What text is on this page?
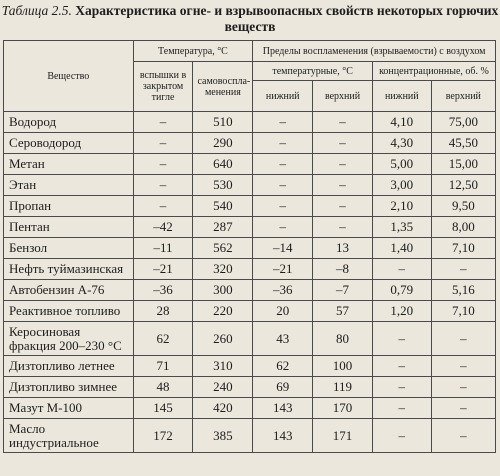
Таблица 2.5. Характеристика огне- и взрывоопасных свойств некоторых горючих веществ
Вещество	Температура, °С		Пределы воспламенения (взрываемости) с воздухом			
	вспышки в закрытом тигле	самовоспла-менения	температурные, °С		концентрационные, об. %	
			нижний	верхний	нижний	верхний
Водород	–	510	–	–	4,10	75,00
Сероводород	–	290	–	–	4,30	45,50
Метан	–	640	–	–	5,00	15,00
Этан	–	530	–	–	3,00	12,50
Пропан	–	540	–	–	2,10	9,50
Пентан	–42	287	–	–	1,35	8,00
Бензол	–11	562	–14	13	1,40	7,10
Нефть туймазинская	–21	320	–21	–8	–	–
Автобензин А-76	–36	300	–36	–7	0,79	5,16
Реактивное топливо	28	220	20	57	1,20	7,10
Керосиновая фракция 200–230 °С	62	260	43	80	–	–
Дизтопливо летнее	71	310	62	100	–	–
Дизтопливо зимнее	48	240	69	119	–	–
Мазут М-100	145	420	143	170	–	–
Масло индустриальное	172	385	143	171	–	–
